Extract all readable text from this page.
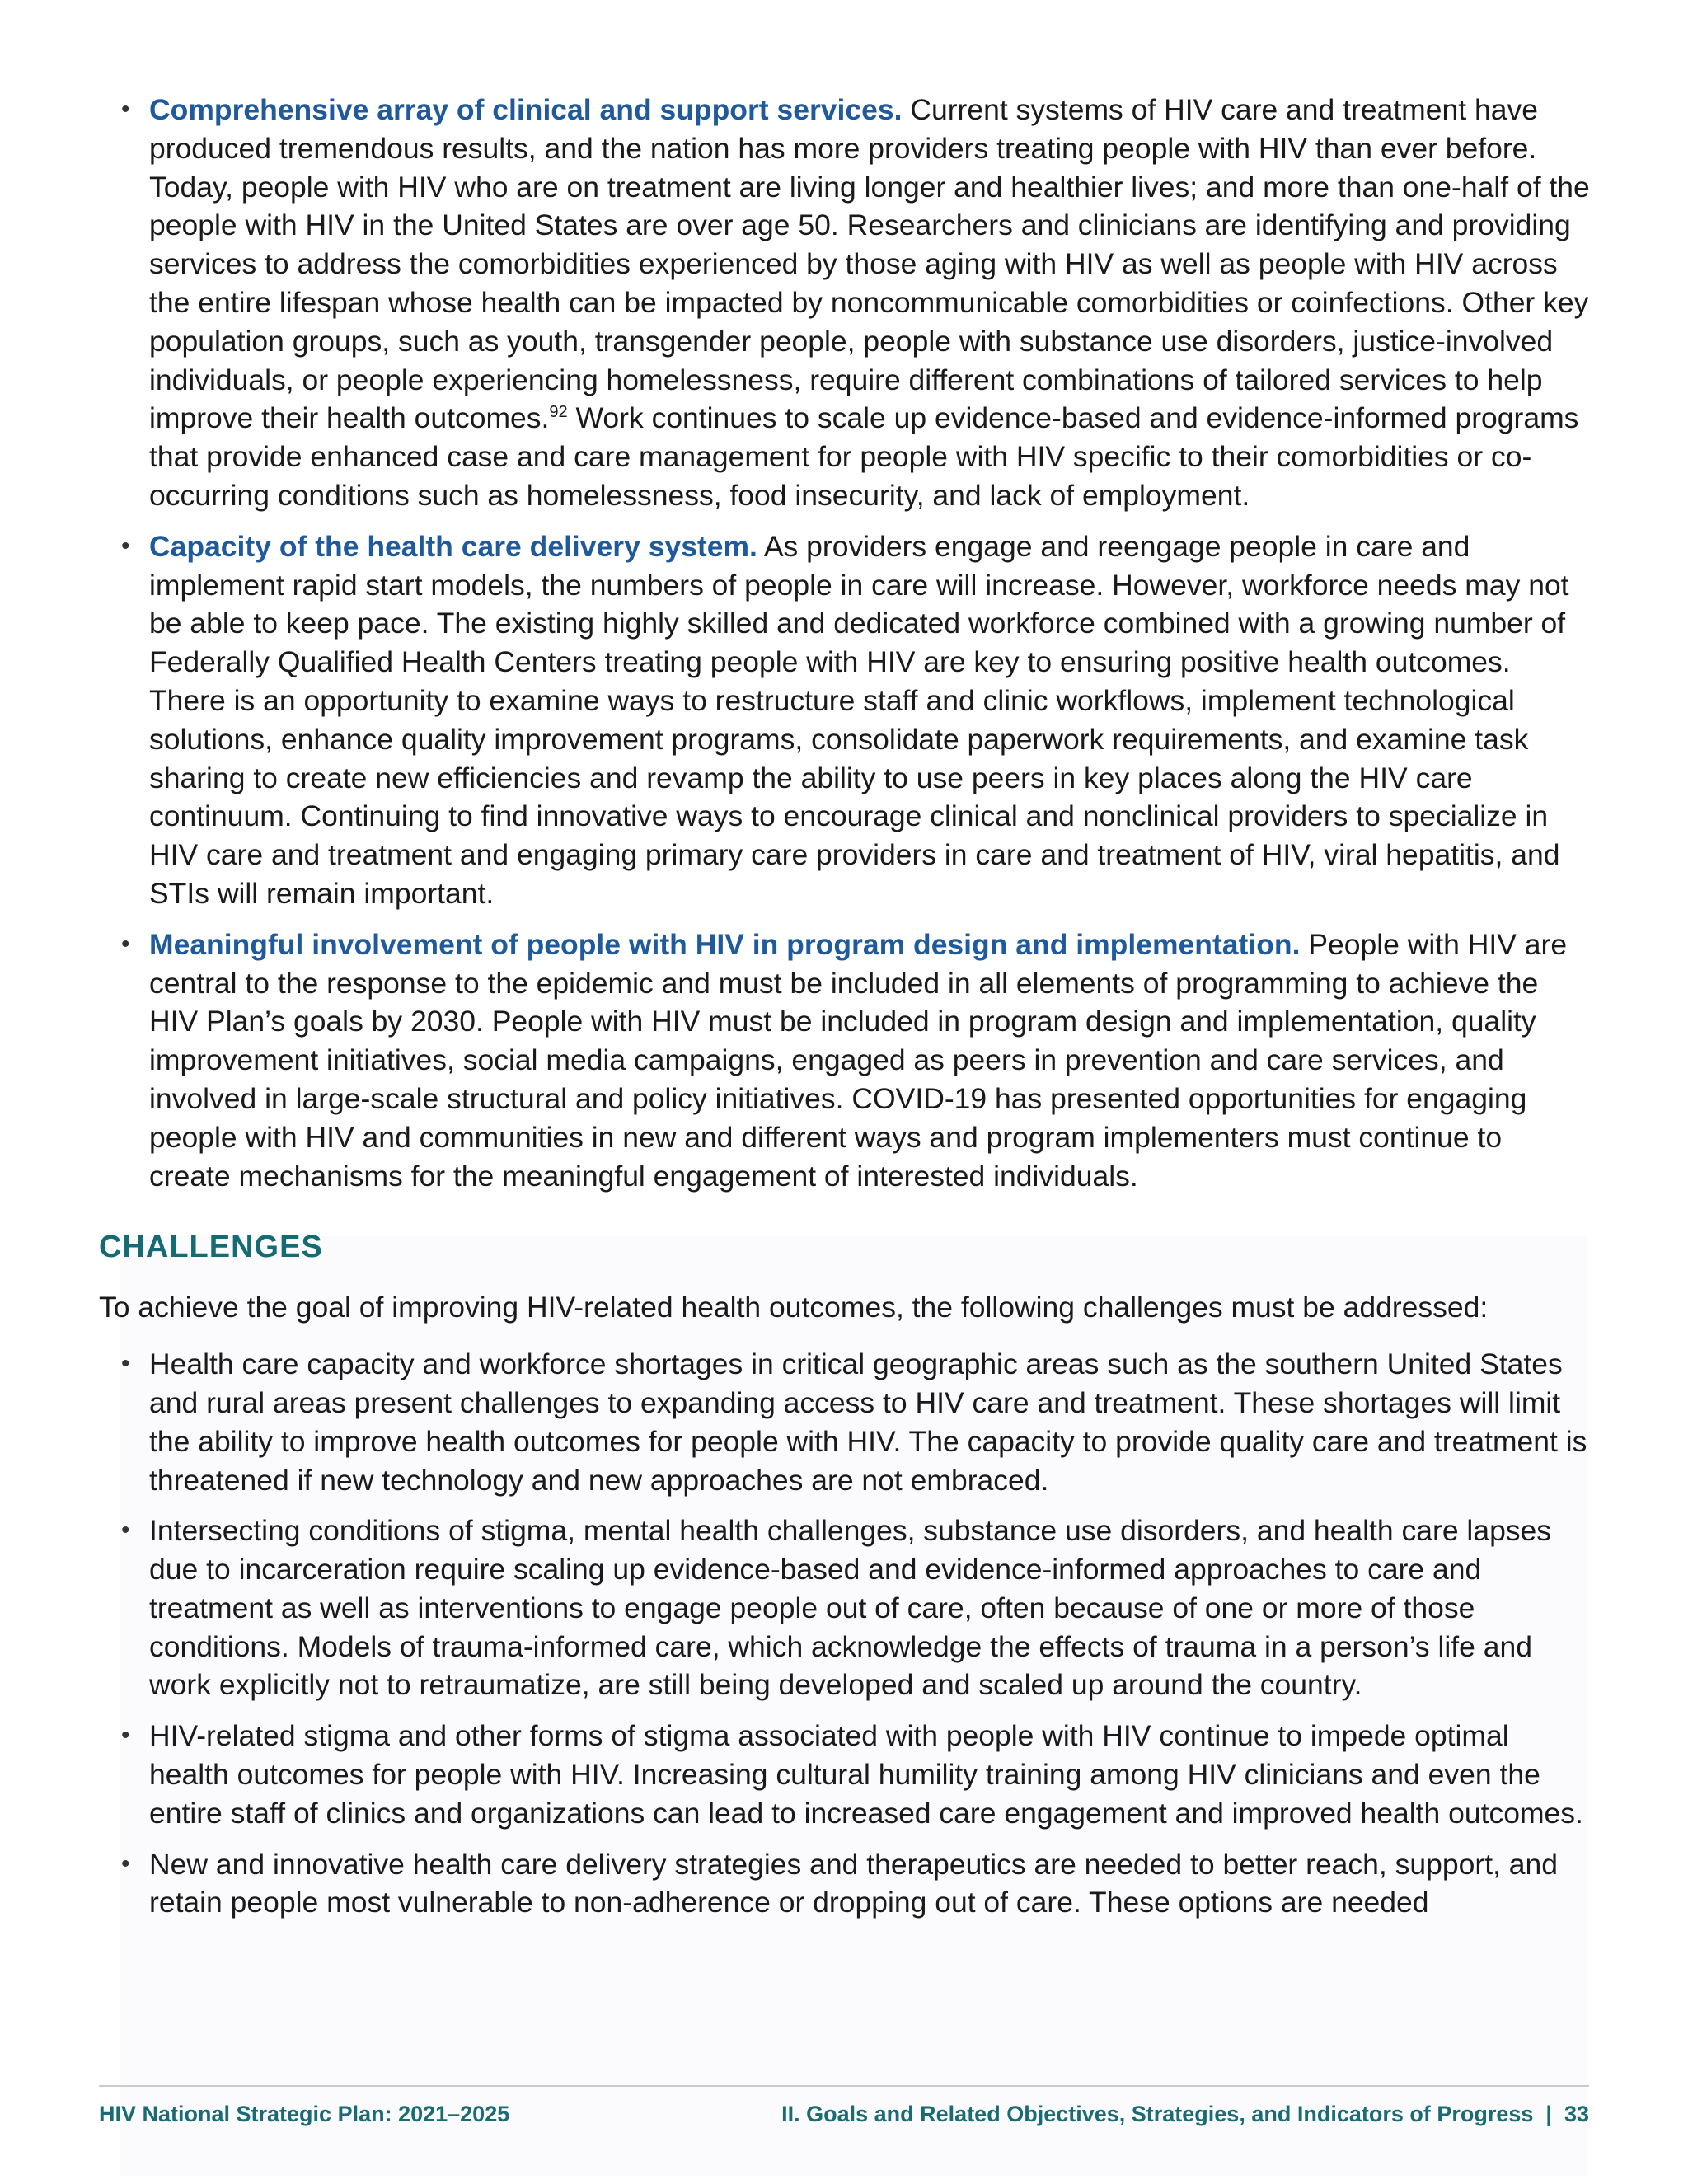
• Comprehensive array of clinical and support services. Current systems of HIV care and treatment have produced tremendous results, and the nation has more providers treating people with HIV than ever before. Today, people with HIV who are on treatment are living longer and healthier lives; and more than one-half of the people with HIV in the United States are over age 50. Researchers and clinicians are identifying and providing services to address the comorbidities experienced by those aging with HIV as well as people with HIV across the entire lifespan whose health can be impacted by noncommunicable comorbidities or coinfections. Other key population groups, such as youth, transgender people, people with substance use disorders, justice-involved individuals, or people experiencing homelessness, require different combinations of tailored services to help improve their health outcomes.$^{92}$ Work continues to scale up evidence-based and evidence-informed programs that provide enhanced case and care management for people with HIV specific to their comorbidities or co-occurring conditions such as homelessness, food insecurity, and lack of employment.
• Capacity of the health care delivery system. As providers engage and reengage people in care and implement rapid start models, the numbers of people in care will increase. However, workforce needs may not be able to keep pace. The existing highly skilled and dedicated workforce combined with a growing number of Federally Qualified Health Centers treating people with HIV are key to ensuring positive health outcomes. There is an opportunity to examine ways to restructure staff and clinic workflows, implement technological solutions, enhance quality improvement programs, consolidate paperwork requirements, and examine task sharing to create new efficiencies and revamp the ability to use peers in key places along the HIV care continuum. Continuing to find innovative ways to encourage clinical and nonclinical providers to specialize in HIV care and treatment and engaging primary care providers in care and treatment of HIV, viral hepatitis, and STIs will remain important.
• Meaningful involvement of people with HIV in program design and implementation. People with HIV are central to the response to the epidemic and must be included in all elements of programming to achieve the HIV Plan’s goals by 2030. People with HIV must be included in program design and implementation, quality improvement initiatives, social media campaigns, engaged as peers in prevention and care services, and involved in large-scale structural and policy initiatives. COVID-19 has presented opportunities for engaging people with HIV and communities in new and different ways and program implementers must continue to create mechanisms for the meaningful engagement of interested individuals.
CHALLENGES

To achieve the goal of improving HIV-related health outcomes, the following challenges must be addressed:

• Health care capacity and workforce shortages in critical geographic areas such as the southern United States and rural areas present challenges to expanding access to HIV care and treatment. These shortages will limit the ability to improve health outcomes for people with HIV. The capacity to provide quality care and treatment is threatened if new technology and new approaches are not embraced.
• Intersecting conditions of stigma, mental health challenges, substance use disorders, and health care lapses due to incarceration require scaling up evidence-based and evidence-informed approaches to care and treatment as well as interventions to engage people out of care, often because of one or more of those conditions. Models of trauma-informed care, which acknowledge the effects of trauma in a person’s life and work explicitly not to retraumatize, are still being developed and scaled up around the country.
• HIV-related stigma and other forms of stigma associated with people with HIV continue to impede optimal health outcomes for people with HIV. Increasing cultural humility training among HIV clinicians and even the entire staff of clinics and organizations can lead to increased care engagement and improved health outcomes.
• New and innovative health care delivery strategies and therapeutics are needed to better reach, support, and retain people most vulnerable to non-adherence or dropping out of care. These options are needed
HIV National Strategic Plan: 2021–2025	II. Goals and Related Objectives, Strategies, and Indicators of Progress  |  33
